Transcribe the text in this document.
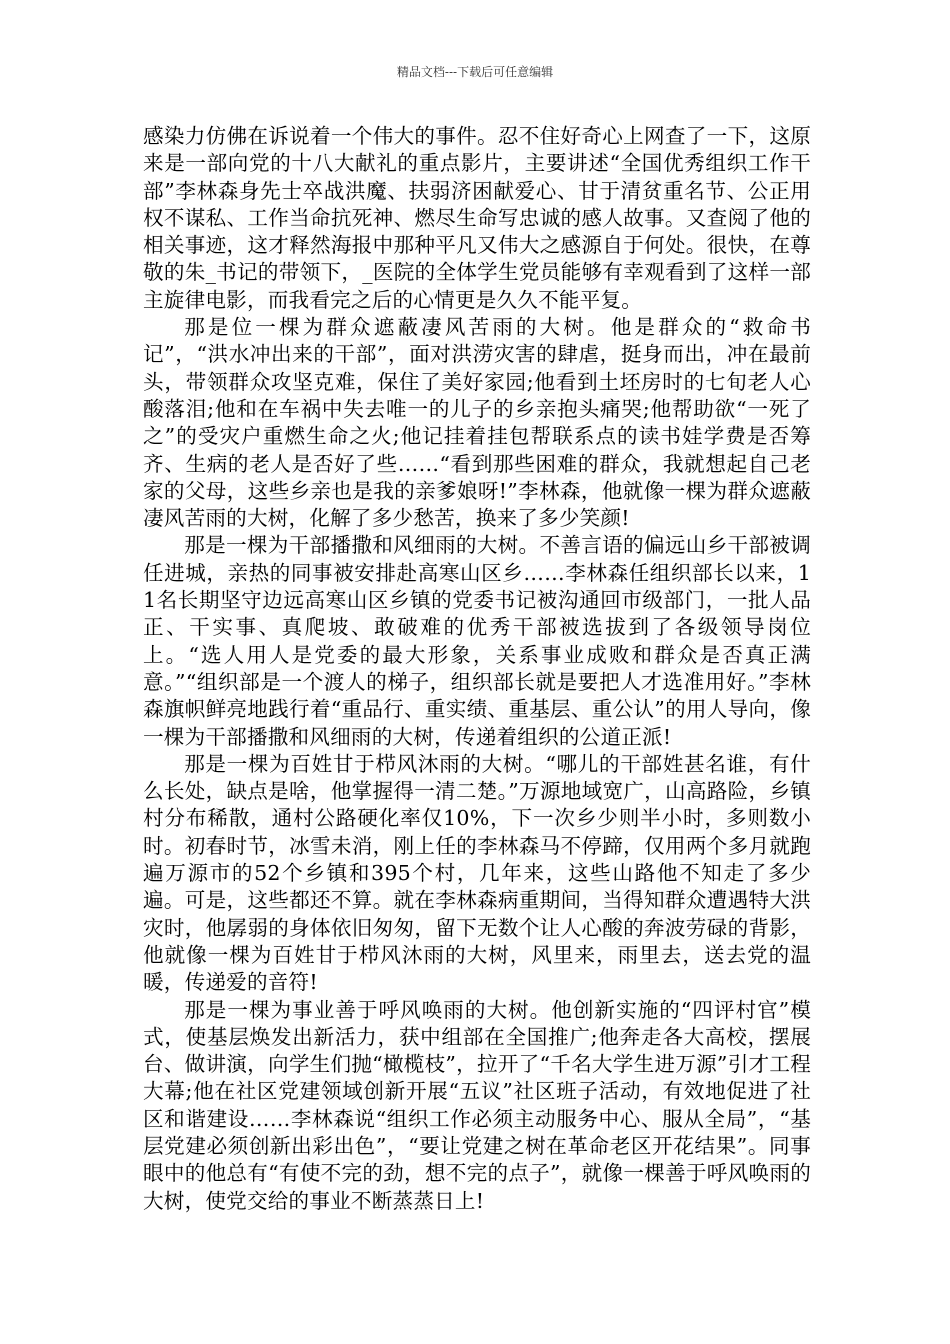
精品文档---下载后可任意编辑

感染力仿佛在诉说着一个伟大的事件。忍不住好奇心上网查了一下，这原来是一部向党的十八大献礼的重点影片，主要讲述“全国优秀组织工作干部”李林森身先士卒战洪魔、扶弱济困献爱心、甘于清贫重名节、公正用权不谋私、工作当命抗死神、燃尽生命写忠诚的感人故事。又查阅了他的相关事迹，这才释然海报中那种平凡又伟大之感源自于何处。很快，在尊敬的朱_书记的带领下，_医院的全体学生党员能够有幸观看到了这样一部主旋律电影，而我看完之后的心情更是久久不能平复。

那是位一棵为群众遮蔽凄风苦雨的大树。他是群众的“救命书记”，“洪水冲出来的干部”，面对洪涝灾害的肆虐，挺身而出，冲在最前头，带领群众攻坚克难，保住了美好家园;他看到土坯房时的七旬老人心酸落泪;他和在车祸中失去唯一的儿子的乡亲抱头痛哭;他帮助欲“一死了之”的受灾户重燃生命之火;他记挂着挂包帮联系点的读书娃学费是否筹齐、生病的老人是否好了些……“看到那些困难的群众，我就想起自己老家的父母，这些乡亲也是我的亲爹娘呀!”李林森，他就像一棵为群众遮蔽凄风苦雨的大树，化解了多少愁苦，换来了多少笑颜!

那是一棵为干部播撒和风细雨的大树。不善言语的偏远山乡干部被调任进城，亲热的同事被安排赴高寒山区乡……李林森任组织部长以来，11名长期坚守边远高寒山区乡镇的党委书记被沟通回市级部门，一批人品正、干实事、真爬坡、敢破难的优秀干部被选拔到了各级领导岗位上。“选人用人是党委的最大形象，关系事业成败和群众是否真正满意。”“组织部是一个渡人的梯子，组织部长就是要把人才选准用好。”李林森旗帜鲜亮地践行着“重品行、重实绩、重基层、重公认”的用人导向，像一棵为干部播撒和风细雨的大树，传递着组织的公道正派!

那是一棵为百姓甘于栉风沐雨的大树。“哪儿的干部姓甚名谁，有什么长处，缺点是啥，他掌握得一清二楚。”万源地域宽广，山高路险，乡镇村分布稀散，通村公路硬化率仅10%，下一次乡少则半小时，多则数小时。初春时节，冰雪未消，刚上任的李林森马不停蹄，仅用两个多月就跑遍万源市的52个乡镇和395个村，几年来，这些山路他不知走了多少遍。可是，这些都还不算。就在李林森病重期间，当得知群众遭遇特大洪灾时，他孱弱的身体依旧匆匆，留下无数个让人心酸的奔波劳碌的背影，他就像一棵为百姓甘于栉风沐雨的大树，风里来，雨里去，送去党的温暖，传递爱的音符!

那是一棵为事业善于呼风唤雨的大树。他创新实施的“四评村官”模式，使基层焕发出新活力，获中组部在全国推广;他奔走各大高校，摆展台、做讲演，向学生们抛“橄榄枝”，拉开了“千名大学生进万源”引才工程大幕;他在社区党建领域创新开展“五议”社区班子活动，有效地促进了社区和谐建设……李林森说“组织工作必须主动服务中心、服从全局”，“基层党建必须创新出彩出色”，“要让党建之树在革命老区开花结果”。同事眼中的他总有“有使不完的劲，想不完的点子”，就像一棵善于呼风唤雨的大树，使党交给的事业不断蒸蒸日上!
